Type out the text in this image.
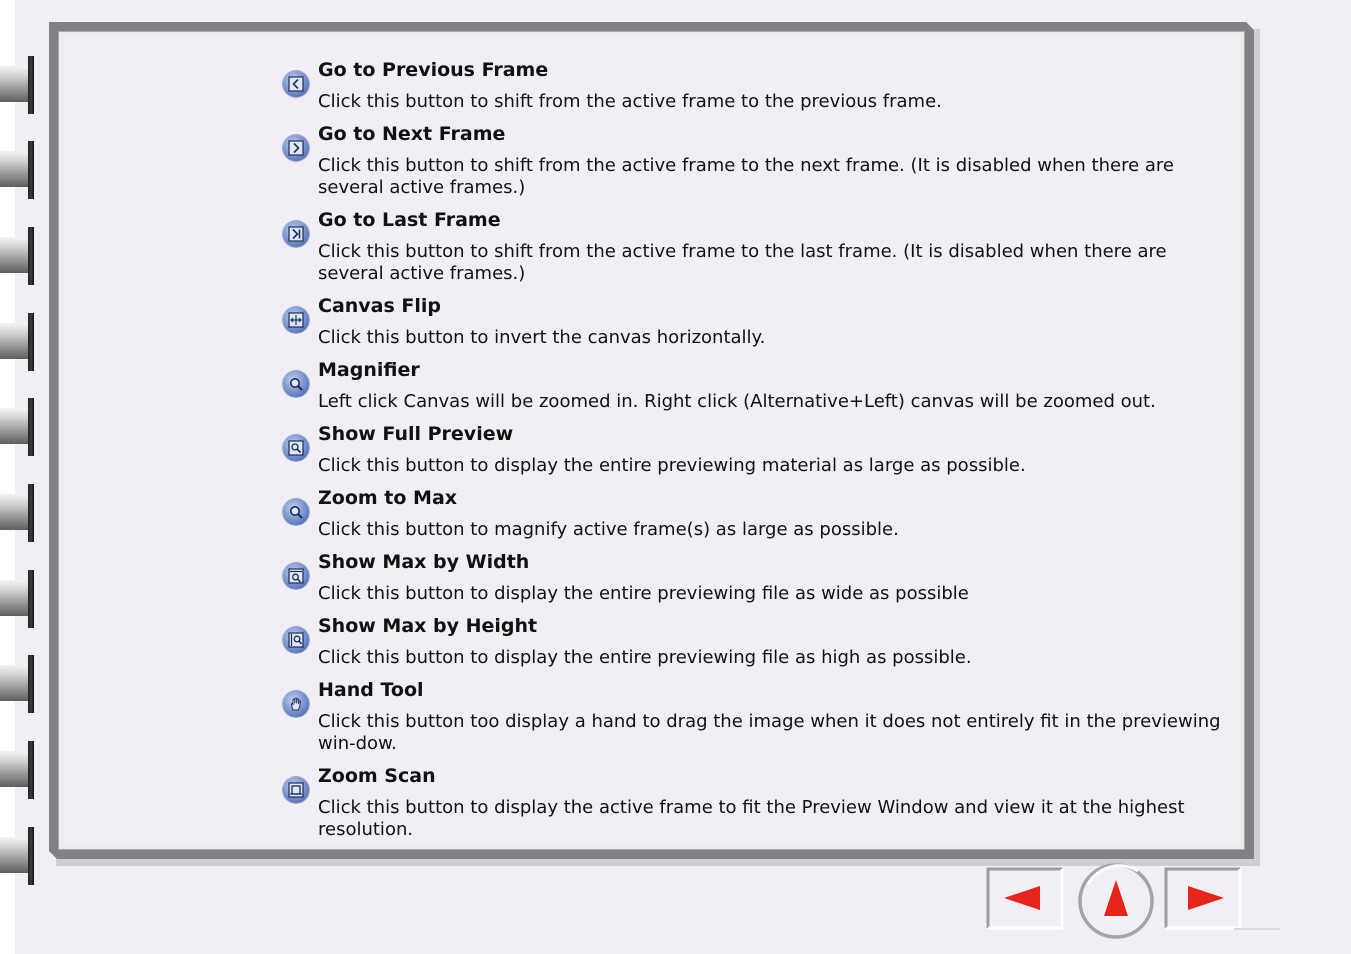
Go to Previous Frame
Click this button to shift from the active frame to the previous frame.
Go to Next Frame
Click this button to shift from the active frame to the next frame. (It is disabled when there are several active frames.)
Go to Last Frame
Click this button to shift from the active frame to the last frame. (It is disabled when there are several active frames.)
Canvas Flip
Click this button to invert the canvas horizontally.
Magnifier
Left click Canvas will be zoomed in. Right click (Alternative+Left) canvas will be zoomed out.
Show Full Preview
Click this button to display the entire previewing material as large as possible.
Zoom to Max
Click this button to magnify active frame(s) as large as possible.
Show Max by Width
Click this button to display the entire previewing file as wide as possible
Show Max by Height
Click this button to display the entire previewing file as high as possible.
Hand Tool
Click this button too display a hand to drag the image when it does not entirely fit in the previewing win-dow.
Zoom Scan
Click this button to display the active frame to fit the Preview Window and view it at the highest resolution.
